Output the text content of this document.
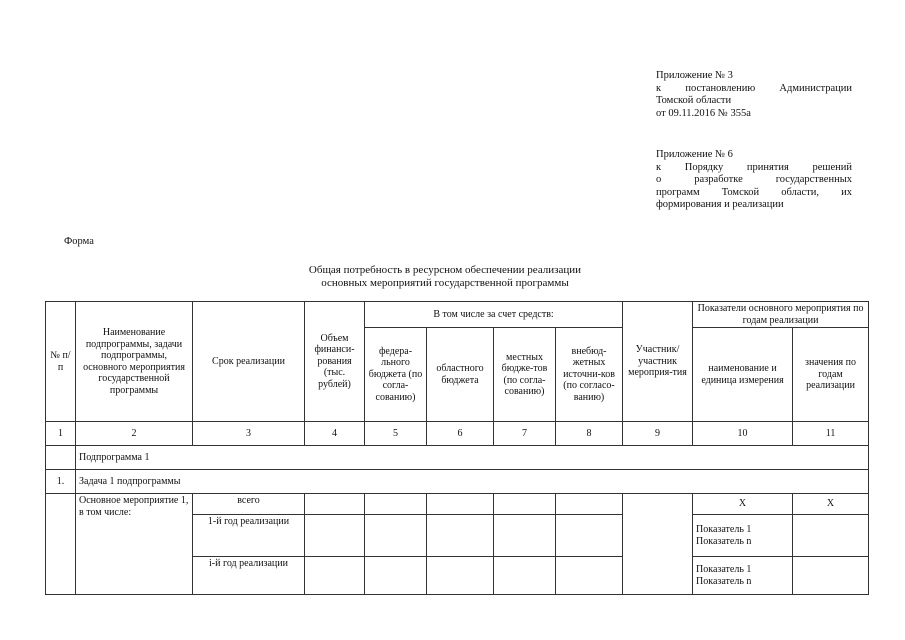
Приложение № 3
к постановлению Администрации
Томской области
от 09.11.2016 № 355а
Приложение № 6
к Порядку принятия решений
о разработке государственных
программ Томской области, их
формирования и реализации
Форма
Общая потребность в ресурсном обеспечении реализации
основных мероприятий государственной программы
№ п/п	Наименование подпрограммы, задачи подпрограммы, основного мероприятия государственной программы	Срок реализации	Объем финанси-рования (тыс. рублей)	В том числе за счет средств:				Участник/ участник мероприя-тия	Показатели основного мероприятия по годам реализации	
				федера-льного бюджета (по согла-сованию)	областного бюджета	местных бюдже-тов (по согла-сованию)	внебюд-жетных источни-ков (по согласо-ванию)		наименование и единица измерения	значения по годам реализации
1	2	3	4	5	6	7	8	9	10	11
	Подпрограмма 1									
1.	Задача 1 подпрограммы									
	Основное мероприятие 1, в том числе:	всего							Х	Х
		1-й год реализации							Показатель 1 Показатель n	
		i-й год реализации							Показатель 1 Показатель n	
